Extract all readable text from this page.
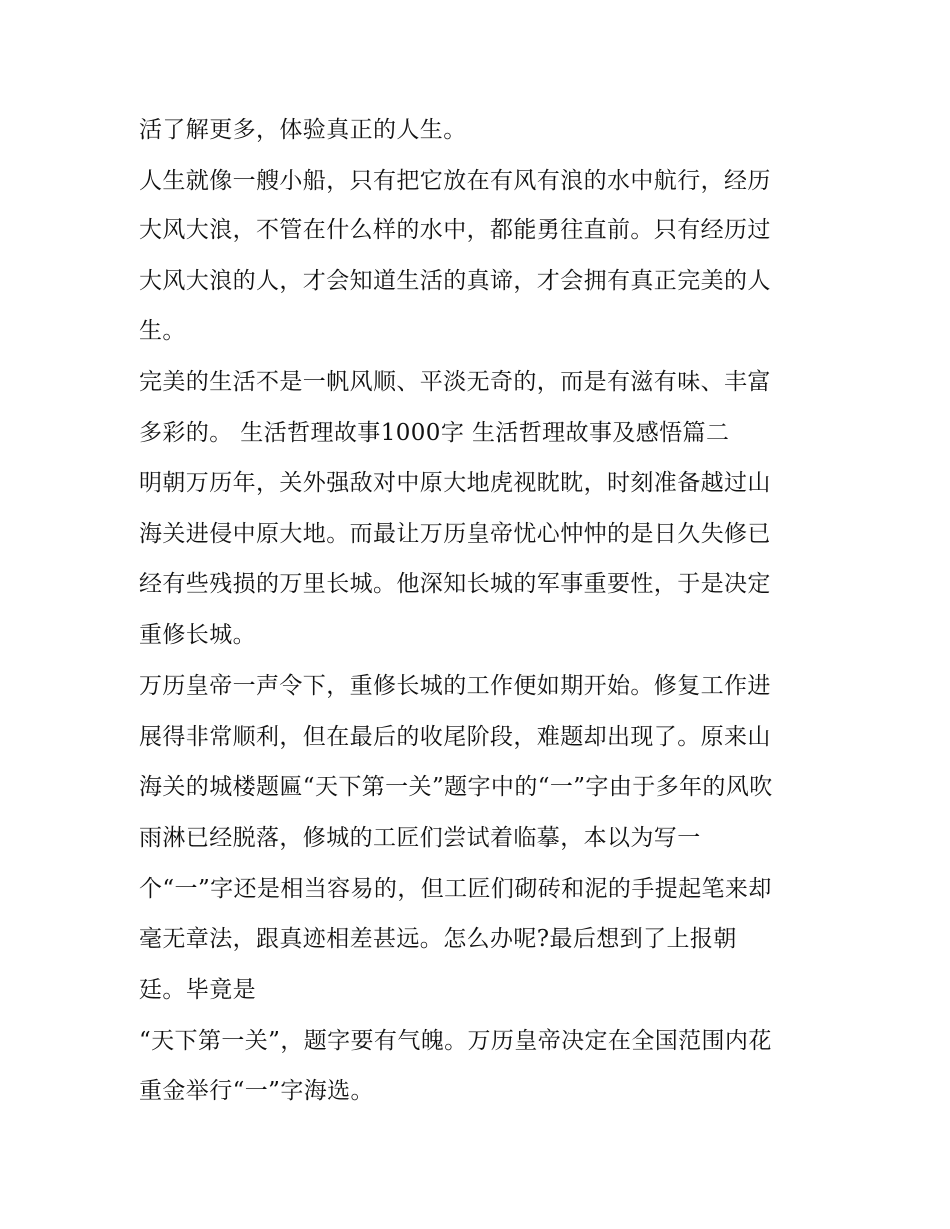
活了解更多，体验真正的人生。

人生就像一艘小船，只有把它放在有风有浪的水中航行，经历

大风大浪，不管在什么样的水中，都能勇往直前。只有经历过

大风大浪的人，才会知道生活的真谛，才会拥有真正完美的人

生。

完美的生活不是一帆风顺、平淡无奇的，而是有滋有味、丰富

多彩的。 生活哲理故事1000字 生活哲理故事及感悟篇二

明朝万历年，关外强敌对中原大地虎视眈眈，时刻准备越过山

海关进侵中原大地。而最让万历皇帝忧心忡忡的是日久失修已

经有些残损的万里长城。他深知长城的军事重要性，于是决定

重修长城。

万历皇帝一声令下，重修长城的工作便如期开始。修复工作进

展得非常顺利，但在最后的收尾阶段，难题却出现了。原来山

海关的城楼题匾“天下第一关”题字中的“一”字由于多年的风吹

雨淋已经脱落，修城的工匠们尝试着临摹，本以为写一

个“一”字还是相当容易的，但工匠们砌砖和泥的手提起笔来却

毫无章法，跟真迹相差甚远。怎么办呢?最后想到了上报朝

廷。毕竟是

“天下第一关”，题字要有气魄。万历皇帝决定在全国范围内花

重金举行“一”字海选。
